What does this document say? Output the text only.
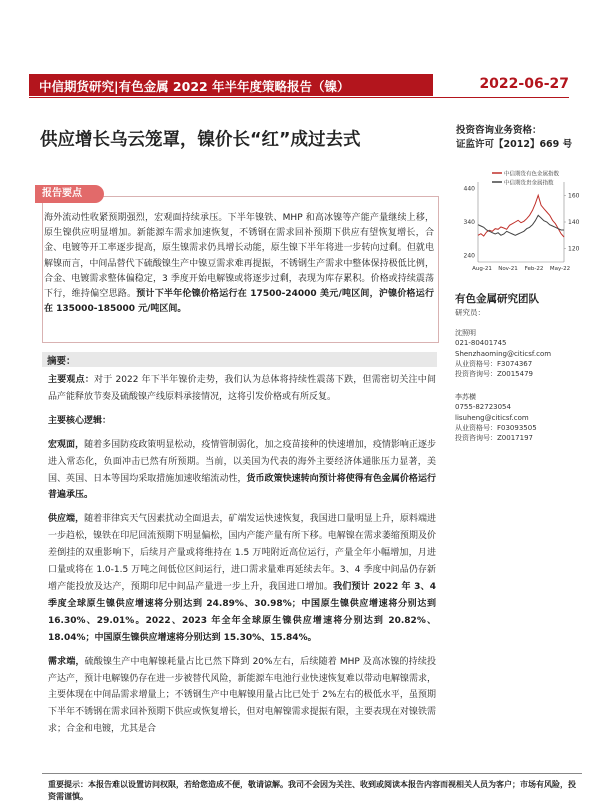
中信期货研究|有色金属 2022 年半年度策略报告（镍）	2022-06-27
供应增长乌云笼罩，镍价长“红”成过去式	投资咨询业务资格：
证监许可【2012】669 号
报告要点
海外流动性收紧预期强烈，宏观面持续承压。下半年镍铁、MHP 和高冰镍等产能产量继续上移，原生镍供应明显增加。新能源车需求加速恢复，不锈钢在需求回补预期下供应有望恢复增长，合金、电镀等开工率逐步提高，原生镍需求仍具增长动能，原生镍下半年将进一步转向过剩。但就电解镍而言，中间品替代下硫酸镍生产中镍豆需求难再提振，不锈钢生产需求中整体保持极低比例，合金、电镀需求整体偏稳定，3 季度开始电解镍或将逐步过剩，表现为库存累积。价格或持续震荡下行，维持偏空思路。预计下半年伦镍价格运行在 17500-24000 美元/吨区间，沪镍价格运行在 135000-185000 元/吨区间。
中信期货有色金属指数
中信期货贵金属指数
440
340
240
160
140
120
Aug-21 Nov-21 Feb-22 May-22
有色金属研究团队
研究员：
沈照明
021-80401745
Shenzhaoming@citicsf.com
从业资格号：F3074367
投资咨询号：Z0015479
李苏横
0755-82723054
lisuheng@citicsf.com
从业资格号：F03093505
投资咨询号：Z0017197
摘要：

主要观点：对于 2022 年下半年镍价走势，我们认为总体将持续性震荡下跌，但需密切关注中间品产能释放节奏及硫酸镍产线原料承接情况，这将引发价格或有所反复。

主要核心逻辑：

宏观面，随着多国防疫政策明显松动，疫情管制弱化，加之疫苗接种的快速增加，疫情影响正逐步进入常态化，负面冲击已然有所预期。当前，以美国为代表的海外主要经济体通胀压力显著，美国、英国、日本等国均采取措施加速收缩流动性，货币政策快速转向预计将使得有色金属价格运行普遍承压。

供应端，随着菲律宾天气因素扰动全面退去，矿端发运快速恢复，我国进口量明显上升，原料端进一步趋松，镍铁在印尼回流预期下明显偏松，国内产能产量有所下移。电解镍在需求萎缩预期及价差倒挂的双重影响下，后续月产量或将维持在 1.5 万吨附近高位运行，产量全年小幅增加，月进口量或将在 1.0-1.5 万吨之间低位区间运行，进口需求量难再延续去年。3、4 季度中间品仍存新增产能投放及达产，预期印尼中间品产量进一步上升，我国进口增加。我们预计 2022 年 3、4 季度全球原生镍供应增速将分别达到 24.89%、30.98%；中国原生镍供应增速将分别达到 16.30%、29.01%。2022、2023 年全年全球原生镍供应增速将分别达到 20.82%、18.04%；中国原生镍供应增速将分别达到 15.30%、15.84%。

需求端，硫酸镍生产中电解镍耗量占比已然下降到 20%左右，后续随着 MHP 及高冰镍的持续投产达产，预计电解镍仍存在进一步被替代风险，新能源车电池行业快速恢复难以带动电解镍需求，主要体现在中间品需求增量上；不锈钢生产中电解镍用量占比已处于 2%左右的极低水平，虽预期下半年不锈钢在需求回补预期下供应或恢复增长，但对电解镍需求提振有限，主要表现在对镍铁需求；合金和电镀，尤其是合

重要提示：本报告难以设置访问权限，若给您造成不便，敬请谅解。我司不会因为关注、收到或阅读本报告内容而视相关人员为客户；市场有风险，投资需谨慎。
